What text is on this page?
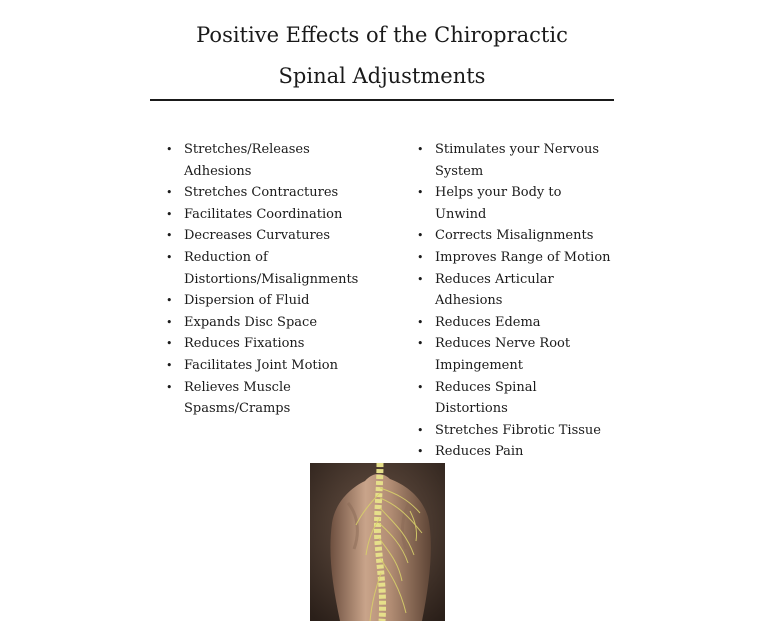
Positive Effects of the Chiropractic

Spinal Adjustments

• Stretches/Releases Adhesions
• Stretches Contractures
• Facilitates Coordination
• Decreases Curvatures
• Reduction of Distortions/Misalignments
• Dispersion of Fluid
• Expands Disc Space
• Reduces Fixations
• Facilitates Joint Motion
• Relieves Muscle Spasms/Cramps
• Stimulates your Nervous System
• Helps your Body to Unwind
• Corrects Misalignments
• Improves Range of Motion
• Reduces Articular Adhesions
• Reduces Edema
• Reduces Nerve Root Impingement
• Reduces Spinal Distortions
• Stretches Fibrotic Tissue
• Reduces Pain
